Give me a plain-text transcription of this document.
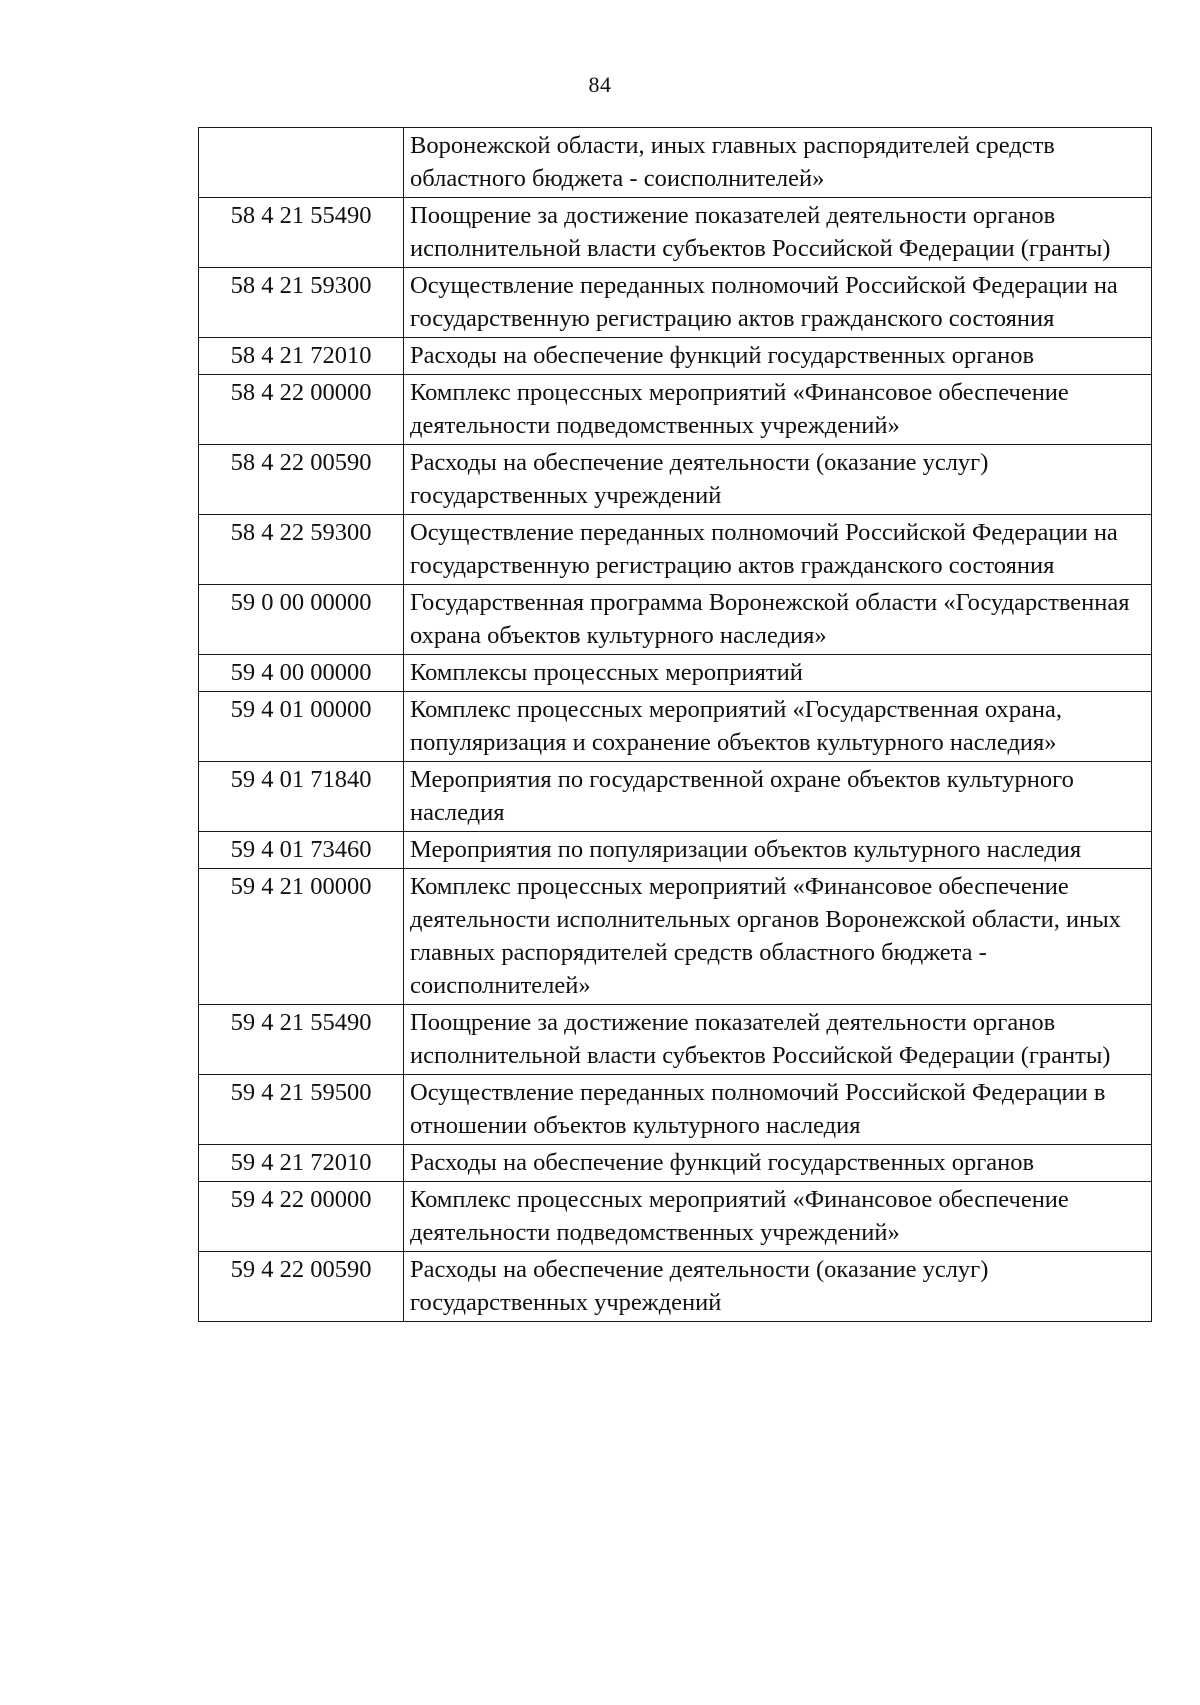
84
	Воронежской области, иных главных распорядителей средств областного бюджета - соисполнителей»
58 4 21 55490	Поощрение за достижение показателей деятельности органов исполнительной власти субъектов Российской Федерации (гранты)
58 4 21 59300	Осуществление переданных полномочий Российской Федерации на государственную регистрацию актов гражданского состояния
58 4 21 72010	Расходы на обеспечение функций государственных органов
58 4 22 00000	Комплекс процессных мероприятий «Финансовое обеспечение деятельности подведомственных учреждений»
58 4 22 00590	Расходы на обеспечение деятельности (оказание услуг) государственных учреждений
58 4 22 59300	Осуществление переданных полномочий Российской Федерации на государственную регистрацию актов гражданского состояния
59 0 00 00000	Государственная программа Воронежской области «Государственная охрана объектов культурного наследия»
59 4 00 00000	Комплексы процессных мероприятий
59 4 01 00000	Комплекс процессных мероприятий «Государственная охрана, популяризация и сохранение объектов культурного наследия»
59 4 01 71840	Мероприятия по государственной охране объектов культурного наследия
59 4 01 73460	Мероприятия по популяризации объектов культурного наследия
59 4 21 00000	Комплекс процессных мероприятий «Финансовое обеспечение деятельности исполнительных органов Воронежской области, иных главных распорядителей средств областного бюджета - соисполнителей»
59 4 21 55490	Поощрение за достижение показателей деятельности органов исполнительной власти субъектов Российской Федерации (гранты)
59 4 21 59500	Осуществление переданных полномочий Российской Федерации в отношении объектов культурного наследия
59 4 21 72010	Расходы на обеспечение функций государственных органов
59 4 22 00000	Комплекс процессных мероприятий «Финансовое обеспечение деятельности подведомственных учреждений»
59 4 22 00590	Расходы на обеспечение деятельности (оказание услуг) государственных учреждений
